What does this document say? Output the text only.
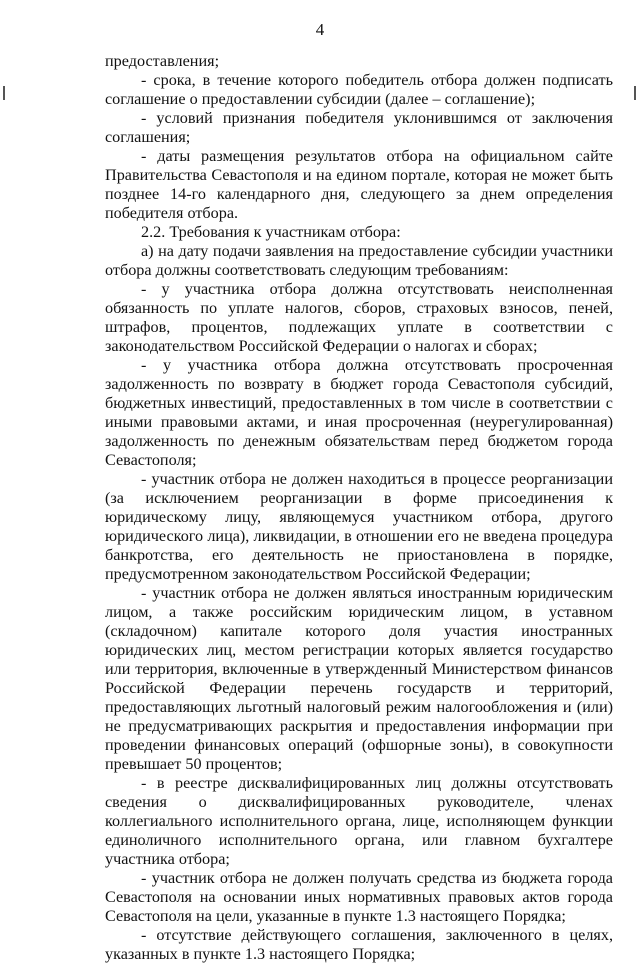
4

предоставления;

- срока, в течение которого победитель отбора должен подписать соглашение о предоставлении субсидии (далее – соглашение);

- условий признания победителя уклонившимся от заключения соглашения;

- даты размещения результатов отбора на официальном сайте Правительства Севастополя и на едином портале, которая не может быть позднее 14-го календарного дня, следующего за днем определения победителя отбора.

2.2. Требования к участникам отбора:

а) на дату подачи заявления на предоставление субсидии участники отбора должны соответствовать следующим требованиям:

- у участника отбора должна отсутствовать неисполненная обязанность по уплате налогов, сборов, страховых взносов, пеней, штрафов, процентов, подлежащих уплате в соответствии с законодательством Российской Федерации о налогах и сборах;

- у участника отбора должна отсутствовать просроченная задолженность по возврату в бюджет города Севастополя субсидий, бюджетных инвестиций, предоставленных в том числе в соответствии с иными правовыми актами, и иная просроченная (неурегулированная) задолженность по денежным обязательствам перед бюджетом города Севастополя;

- участник отбора не должен находиться в процессе реорганизации (за исключением реорганизации в форме присоединения к юридическому лицу, являющемуся участником отбора, другого юридического лица), ликвидации, в отношении его не введена процедура банкротства, его деятельность не приостановлена в порядке, предусмотренном законодательством Российской Федерации;

- участник отбора не должен являться иностранным юридическим лицом, а также российским юридическим лицом, в уставном (складочном) капитале которого доля участия иностранных юридических лиц, местом регистрации которых является государство или территория, включенные в утвержденный Министерством финансов Российской Федерации перечень государств и территорий, предоставляющих льготный налоговый режим налогообложения и (или) не предусматривающих раскрытия и предоставления информации при проведении финансовых операций (офшорные зоны), в совокупности превышает 50 процентов;

- в реестре дисквалифицированных лиц должны отсутствовать сведения о дисквалифицированных руководителе, членах коллегиального исполнительного органа, лице, исполняющем функции единоличного исполнительного органа, или главном бухгалтере участника отбора;

- участник отбора не должен получать средства из бюджета города Севастополя на основании иных нормативных правовых актов города Севастополя на цели, указанные в пункте 1.3 настоящего Порядка;

- отсутствие действующего соглашения, заключенного в целях, указанных в пункте 1.3 настоящего Порядка;
